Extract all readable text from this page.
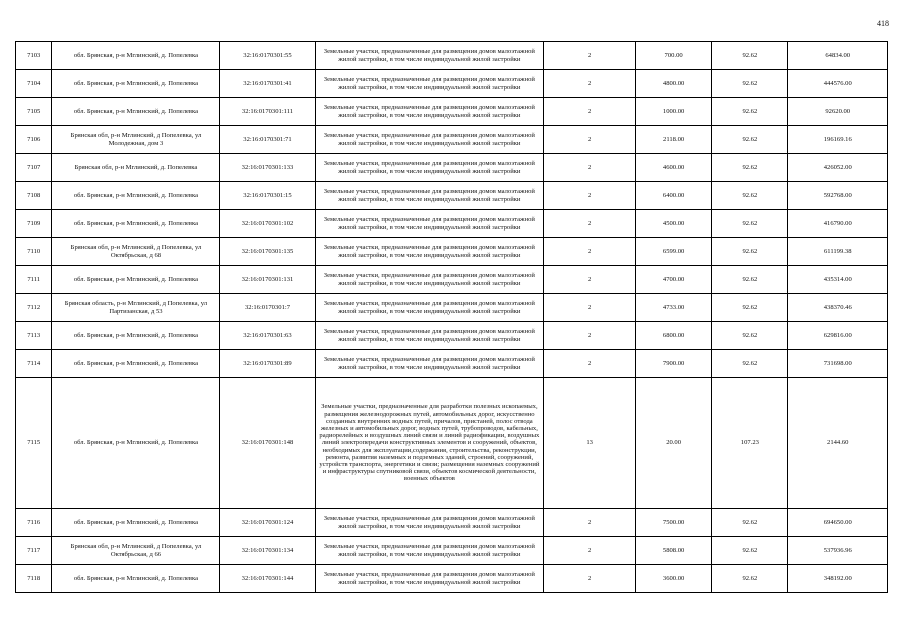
418
7103	обл. Брянская, р-н Мглинский, д. Попелевка	32:16:0170301:55	Земельные участки, предназначенные для размещения домов малоэтажной жилой застройки, в том числе индивидуальной жилой застройки	2	700.00	92.62	64834.00
7104	обл. Брянская, р-н Мглинский, д. Попелевка	32:16:0170301:41	Земельные участки, предназначенные для размещения домов малоэтажной жилой застройки, в том числе индивидуальной жилой застройки	2	4800.00	92.62	444576.00
7105	обл. Брянская, р-н Мглинский, д. Попелевка	32:16:0170301:111	Земельные участки, предназначенные для размещения домов малоэтажной жилой застройки, в том числе индивидуальной жилой застройки	2	1000.00	92.62	92620.00
7106	Брянская обл, р-н Мглинский, д Попелевка, ул Молодежная, дом 3	32:16:0170301:71	Земельные участки, предназначенные для размещения домов малоэтажной жилой застройки, в том числе индивидуальной жилой застройки	2	2118.00	92.62	196169.16
7107	Брянская обл, р-н Мглинский, д. Попелевка	32:16:0170301:133	Земельные участки, предназначенные для размещения домов малоэтажной жилой застройки, в том числе индивидуальной жилой застройки	2	4600.00	92.62	426052.00
7108	обл. Брянская, р-н Мглинский, д. Попелевка	32:16:0170301:15	Земельные участки, предназначенные для размещения домов малоэтажной жилой застройки, в том числе индивидуальной жилой застройки	2	6400.00	92.62	592768.00
7109	обл. Брянская, р-н Мглинский, д. Попелевка	32:16:0170301:102	Земельные участки, предназначенные для размещения домов малоэтажной жилой застройки, в том числе индивидуальной жилой застройки	2	4500.00	92.62	416790.00
7110	Брянская обл, р-н Мглинский, д Попелевка, ул Октябрьская, д 68	32:16:0170301:135	Земельные участки, предназначенные для размещения домов малоэтажной жилой застройки, в том числе индивидуальной жилой застройки	2	6599.00	92.62	611199.38
7111	обл. Брянская, р-н Мглинский, д. Попелевка	32:16:0170301:131	Земельные участки, предназначенные для размещения домов малоэтажной жилой застройки, в том числе индивидуальной жилой застройки	2	4700.00	92.62	435314.00
7112	Брянская область, р-н Мглинский, д Попелевка, ул Партизанская, д 53	32:16:0170301:7	Земельные участки, предназначенные для размещения домов малоэтажной жилой застройки, в том числе индивидуальной жилой застройки	2	4733.00	92.62	438370.46
7113	обл. Брянская, р-н Мглинский, д. Попелевка	32:16:0170301:63	Земельные участки, предназначенные для размещения домов малоэтажной жилой застройки, в том числе индивидуальной жилой застройки	2	6800.00	92.62	629816.00
7114	обл. Брянская, р-н Мглинский, д. Попелевка	32:16:0170301:89	Земельные участки, предназначенные для размещения домов малоэтажной жилой застройки, в том числе индивидуальной жилой застройки	2	7900.00	92.62	731698.00
7115	обл. Брянская, р-н Мглинский, д. Попелевка	32:16:0170301:148	Земельные участки, предназначенные для разработки полезных ископаемых, размещения железнодорожных путей, автомобильных дорог, искусственно созданных внутренних водных путей, причалов, пристаней, полос отвода железных и автомобильных дорог, водных путей, трубопроводов, кабельных, радиорелейных и воздушных линий связи и линий радиофикации, воздушных линий электропередачи конструктивных элементов и сооружений, объектов, необходимых для эксплуатации,содержания, строительства, реконструкции, ремонта, развития наземных и подземных зданий, строений, сооружений, устройств транспорта, энергетики и связи; размещения наземных сооружений и инфраструктуры спутниковой связи, объектов космической деятельности, военных объектов	13	20.00	107.23	2144.60
7116	обл. Брянская, р-н Мглинский, д. Попелевка	32:16:0170301:124	Земельные участки, предназначенные для размещения домов малоэтажной жилой застройки, в том числе индивидуальной жилой застройки	2	7500.00	92.62	694650.00
7117	Брянская обл, р-н Мглинский, д Попелевка, ул Октябрьская, д 66	32:16:0170301:134	Земельные участки, предназначенные для размещения домов малоэтажной жилой застройки, в том числе индивидуальной жилой застройки	2	5808.00	92.62	537936.96
7118	обл. Брянская, р-н Мглинский, д. Попелевка	32:16:0170301:144	Земельные участки, предназначенные для размещения домов малоэтажной жилой застройки, в том числе индивидуальной жилой застройки	2	3600.00	92.62	348192.00
